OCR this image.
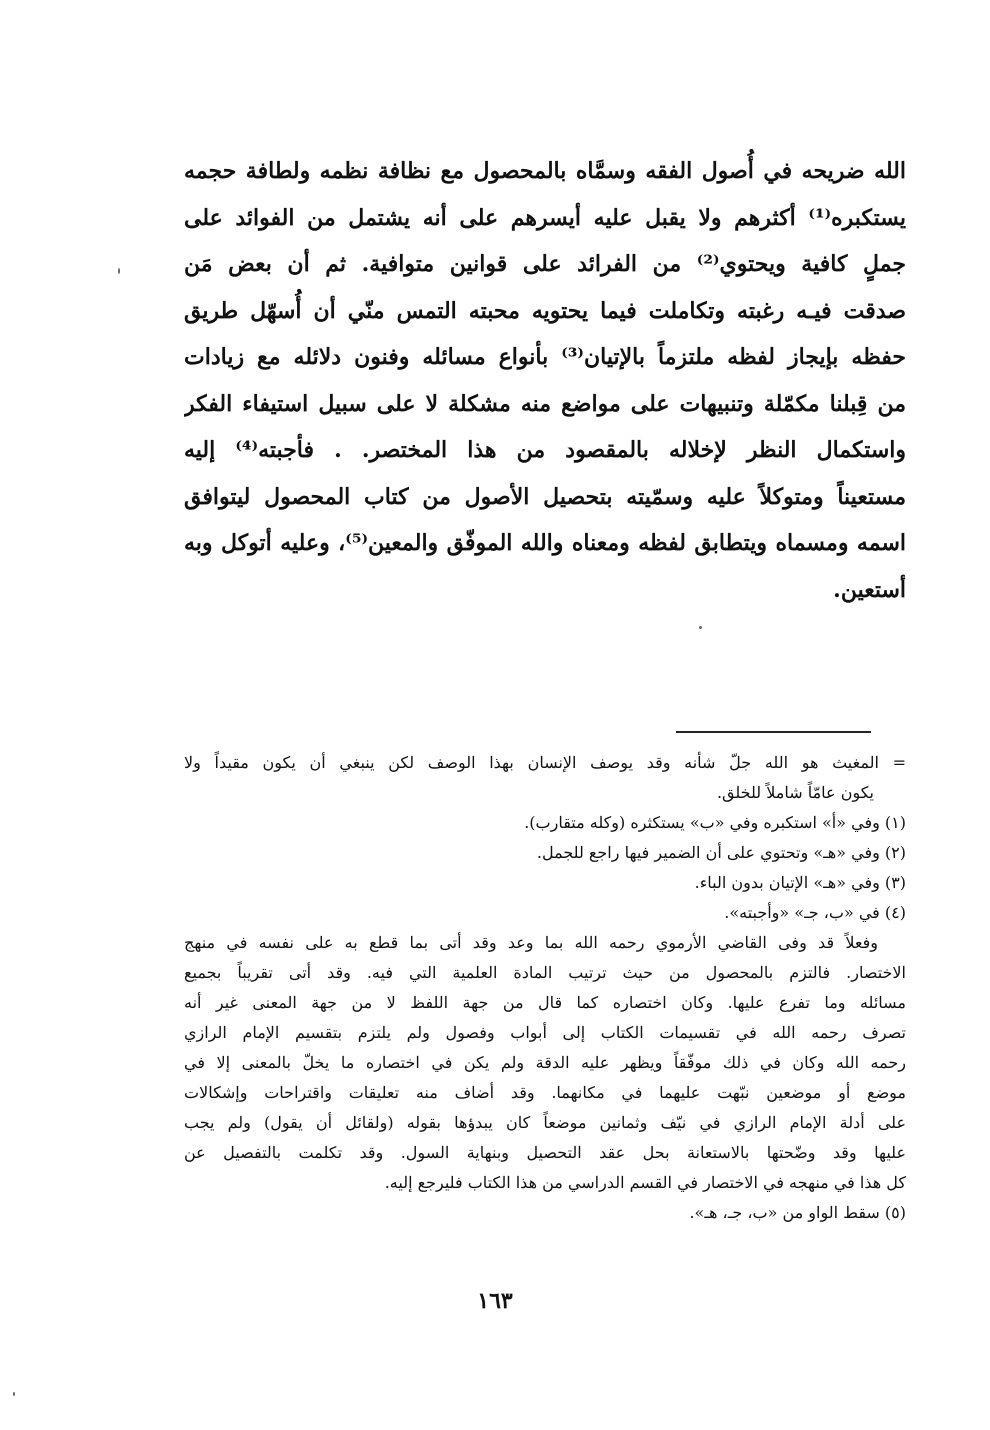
الله ضريحه في أُصول الفقه وسمَّاه بالمحصول مع نظافة نظمه ولطافة حجمه
يستكبره⁽¹⁾ أكثرهم ولا يقبل عليه أيسرهم على أنه يشتمل من الفوائد على
جملٍ كافية ويحتوي⁽²⁾ من الفرائد على قوانين متوافية. ثم أن بعض مَن
صدقت فيـه رغبته وتكاملت فيما يحتويه محبته التمس منّي أن أُسهّل طريق
حفظه بإيجاز لفظه ملتزماً بالإتيان⁽³⁾ بأنواع مسائله وفنون دلائله مع زيادات
من قِبلنا مكمّلة وتنبيهات على مواضع منه مشكلة لا على سبيل استيفاء الفكر
واستكمال النظر لإخلاله بالمقصود من هذا المختصر. . فأجبته⁽⁴⁾ إليه
مستعيناً ومتوكلاً عليه وسمّيته بتحصيل الأصول من كتاب المحصول ليتوافق
اسمه ومسماه ويتطابق لفظه ومعناه والله الموفّق والمعين⁽⁵⁾، وعليه أتوكل وبه
أستعين.
= المغيث هو الله جلّ شأنه وقد يوصف الإنسان بهذا الوصف لكن ينبغي أن يكون مقيداً ولا
يكون عامّاً شاملاً للخلق.
(١) وفي «أ» استكبره وفي «ب» يستكثره (وكله متقارب).
(٢) وفي «هـ» وتحتوي على أن الضمير فيها راجع للجمل.
(٣) وفي «هـ» الإتيان بدون الباء.
(٤) في «ب، جـ» «وأجبته».
وفعلاً قد وفى القاضي الأرموي رحمه الله بما وعد وقد أتى بما قطع به على نفسه في منهج
الاختصار. فالتزم بالمحصول من حيث ترتيب المادة العلمية التي فيه. وقد أتى تقريباً بجميع
مسائله وما تفرع عليها. وكان اختصاره كما قال من جهة اللفظ لا من جهة المعنى غير أنه
تصرف رحمه الله في تقسيمات الكتاب إلى أبواب وفصول ولم يلتزم بتقسيم الإمام الرازي
رحمه الله وكان في ذلك موفّقاً ويظهر عليه الدقة ولم يكن في اختصاره ما يخلّ بالمعنى إلا في
موضع أو موضعين نبّهت عليهما في مكانهما. وقد أضاف منه تعليقات واقتراحات وإشكالات
على أدلة الإمام الرازي في نيّف وثمانين موضعاً كان يبدؤها بقوله (ولقائل أن يقول) ولم يجب
عليها وقد وضّحتها بالاستعانة بحل عقد التحصيل وبنهاية السول. وقد تكلمت بالتفصيل عن
كل هذا في منهجه في الاختصار في القسم الدراسي من هذا الكتاب فليرجع إليه.
(٥) سقط الواو من «ب، جـ، هـ».
١٦٣
